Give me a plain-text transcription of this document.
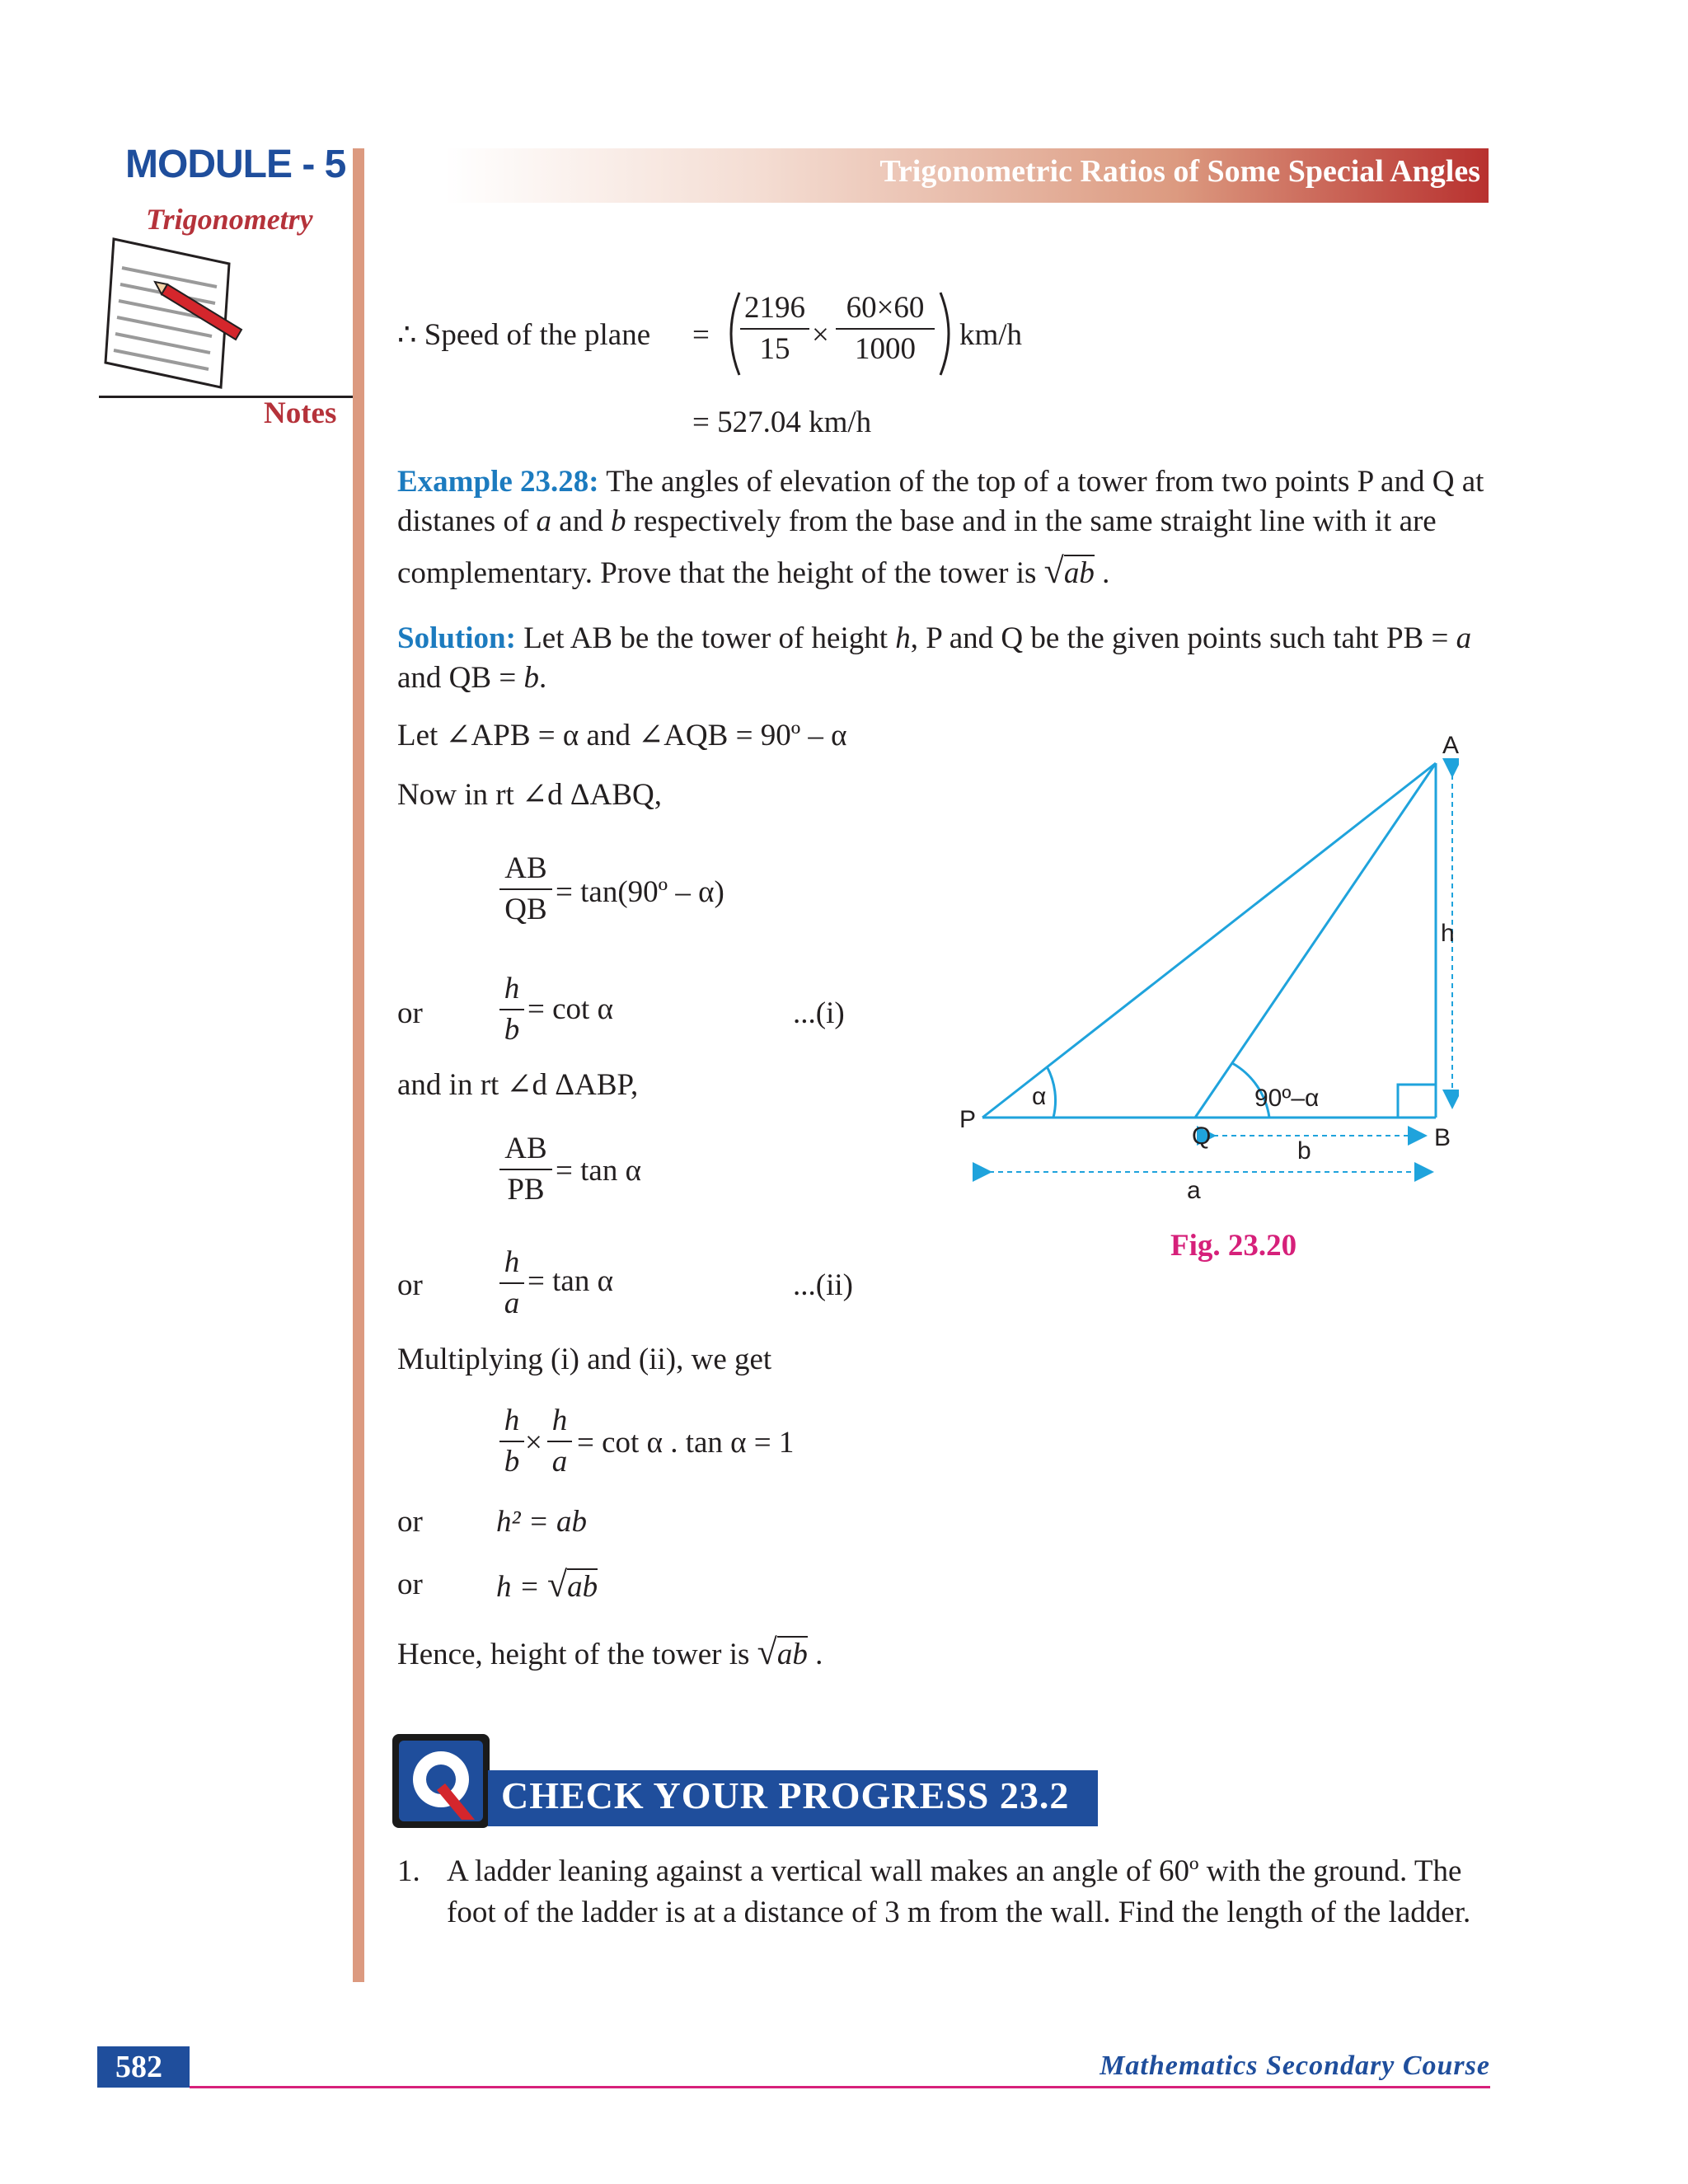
MODULE - 5
Trigonometry
Notes
Trigonometric Ratios of Some Special Angles
∴ Speed of the plane =
2196
15 ×
60×60
1000	km/h
= 527.04 km/h
Example 23.28: The angles of elevation of the top of a tower from two points P and Q at
distanes of a and b respectively from the base and in the same straight line with it are
complementary. Prove that the height of the tower is √ab .
Solution: Let AB be the tower of height h, P and Q be the given points such taht PB = a
and QB = b.
Let ∠APB = α and ∠AQB = 90º – α
Now in rt ∠d ΔABQ,
AB
QB
= tan(90º – α)
or
h
b
= cot α	...(i)
and in rt ∠d ΔABP,
AB
PB
= tan α
or
h
a
= tan α	...(ii)
Multiplying (i) and (ii), we get
h
b
×
h
a
= cot α . tan α = 1
or h² = ab
or h = √ab
Hence, height of the tower is √ab .
A
B
P
Q
h
b
a
α	90º–α
Fig. 23.20
CHECK YOUR PROGRESS 23.2
1. A ladder leaning against a vertical wall makes an angle of 60º with the ground. The
foot of the ladder is at a distance of 3 m from the wall. Find the length of the ladder.
582	Mathematics Secondary Course
